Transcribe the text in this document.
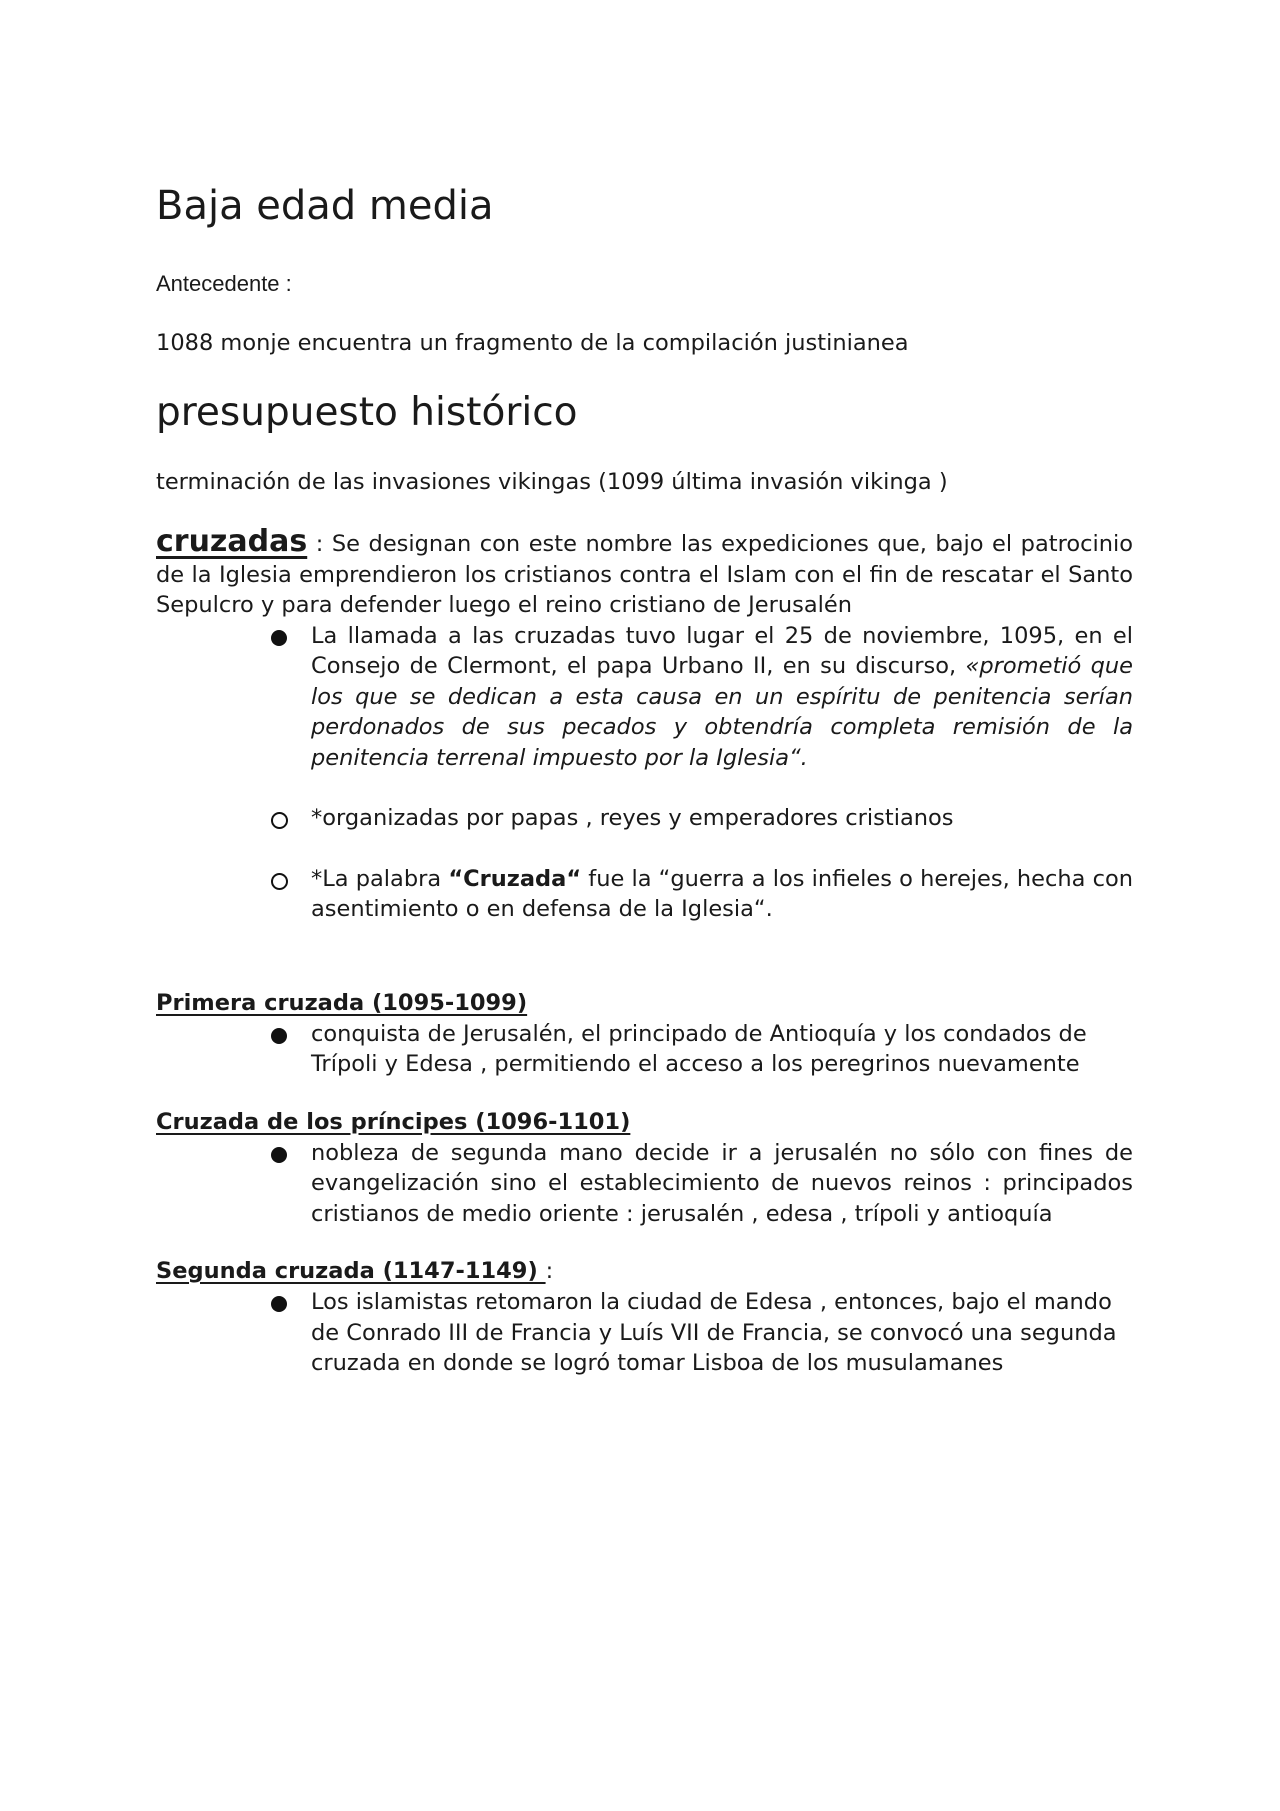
Baja edad media
Antecedente :

1088 monje encuentra un fragmento de la compilación justinianea

presupuesto histórico

terminación de las invasiones vikingas (1099 última invasión vikinga )

cruzadas : Se designan con este nombre las expediciones que, bajo el patrocinio de la Iglesia emprendieron los cristianos contra el Islam con el fin de rescatar el Santo Sepulcro y para defender luego el reino cristiano de Jerusalén

La llamada a las cruzadas tuvo lugar el 25 de noviembre, 1095, en el Consejo de Clermont, el papa Urbano II, en su discurso, «prometió que los que se dedican a esta causa en un espíritu de penitencia serían perdonados de sus pecados y obtendría completa remisión de la penitencia terrenal impuesto por la Iglesia“.
*organizadas por papas , reyes y emperadores cristianos
*La palabra “Cruzada“ fue la “guerra a los infieles o herejes, hecha con asentimiento o en defensa de la Iglesia“.
Primera cruzada (1095-1099)
conquista de Jerusalén, el principado de Antioquía y los condados de Trípoli y Edesa , permitiendo el acceso a los peregrinos nuevamente
Cruzada de los príncipes (1096-1101)
nobleza de segunda mano decide ir a jerusalén no sólo con fines de evangelización sino el establecimiento de nuevos reinos : principados cristianos de medio oriente : jerusalén , edesa , trípoli y antioquía
Segunda cruzada (1147-1149) :
Los islamistas retomaron la ciudad de Edesa , entonces, bajo el mando de Conrado III de Francia y Luís VII de Francia, se convocó una segunda cruzada en donde se logró tomar Lisboa de los musulamanes
